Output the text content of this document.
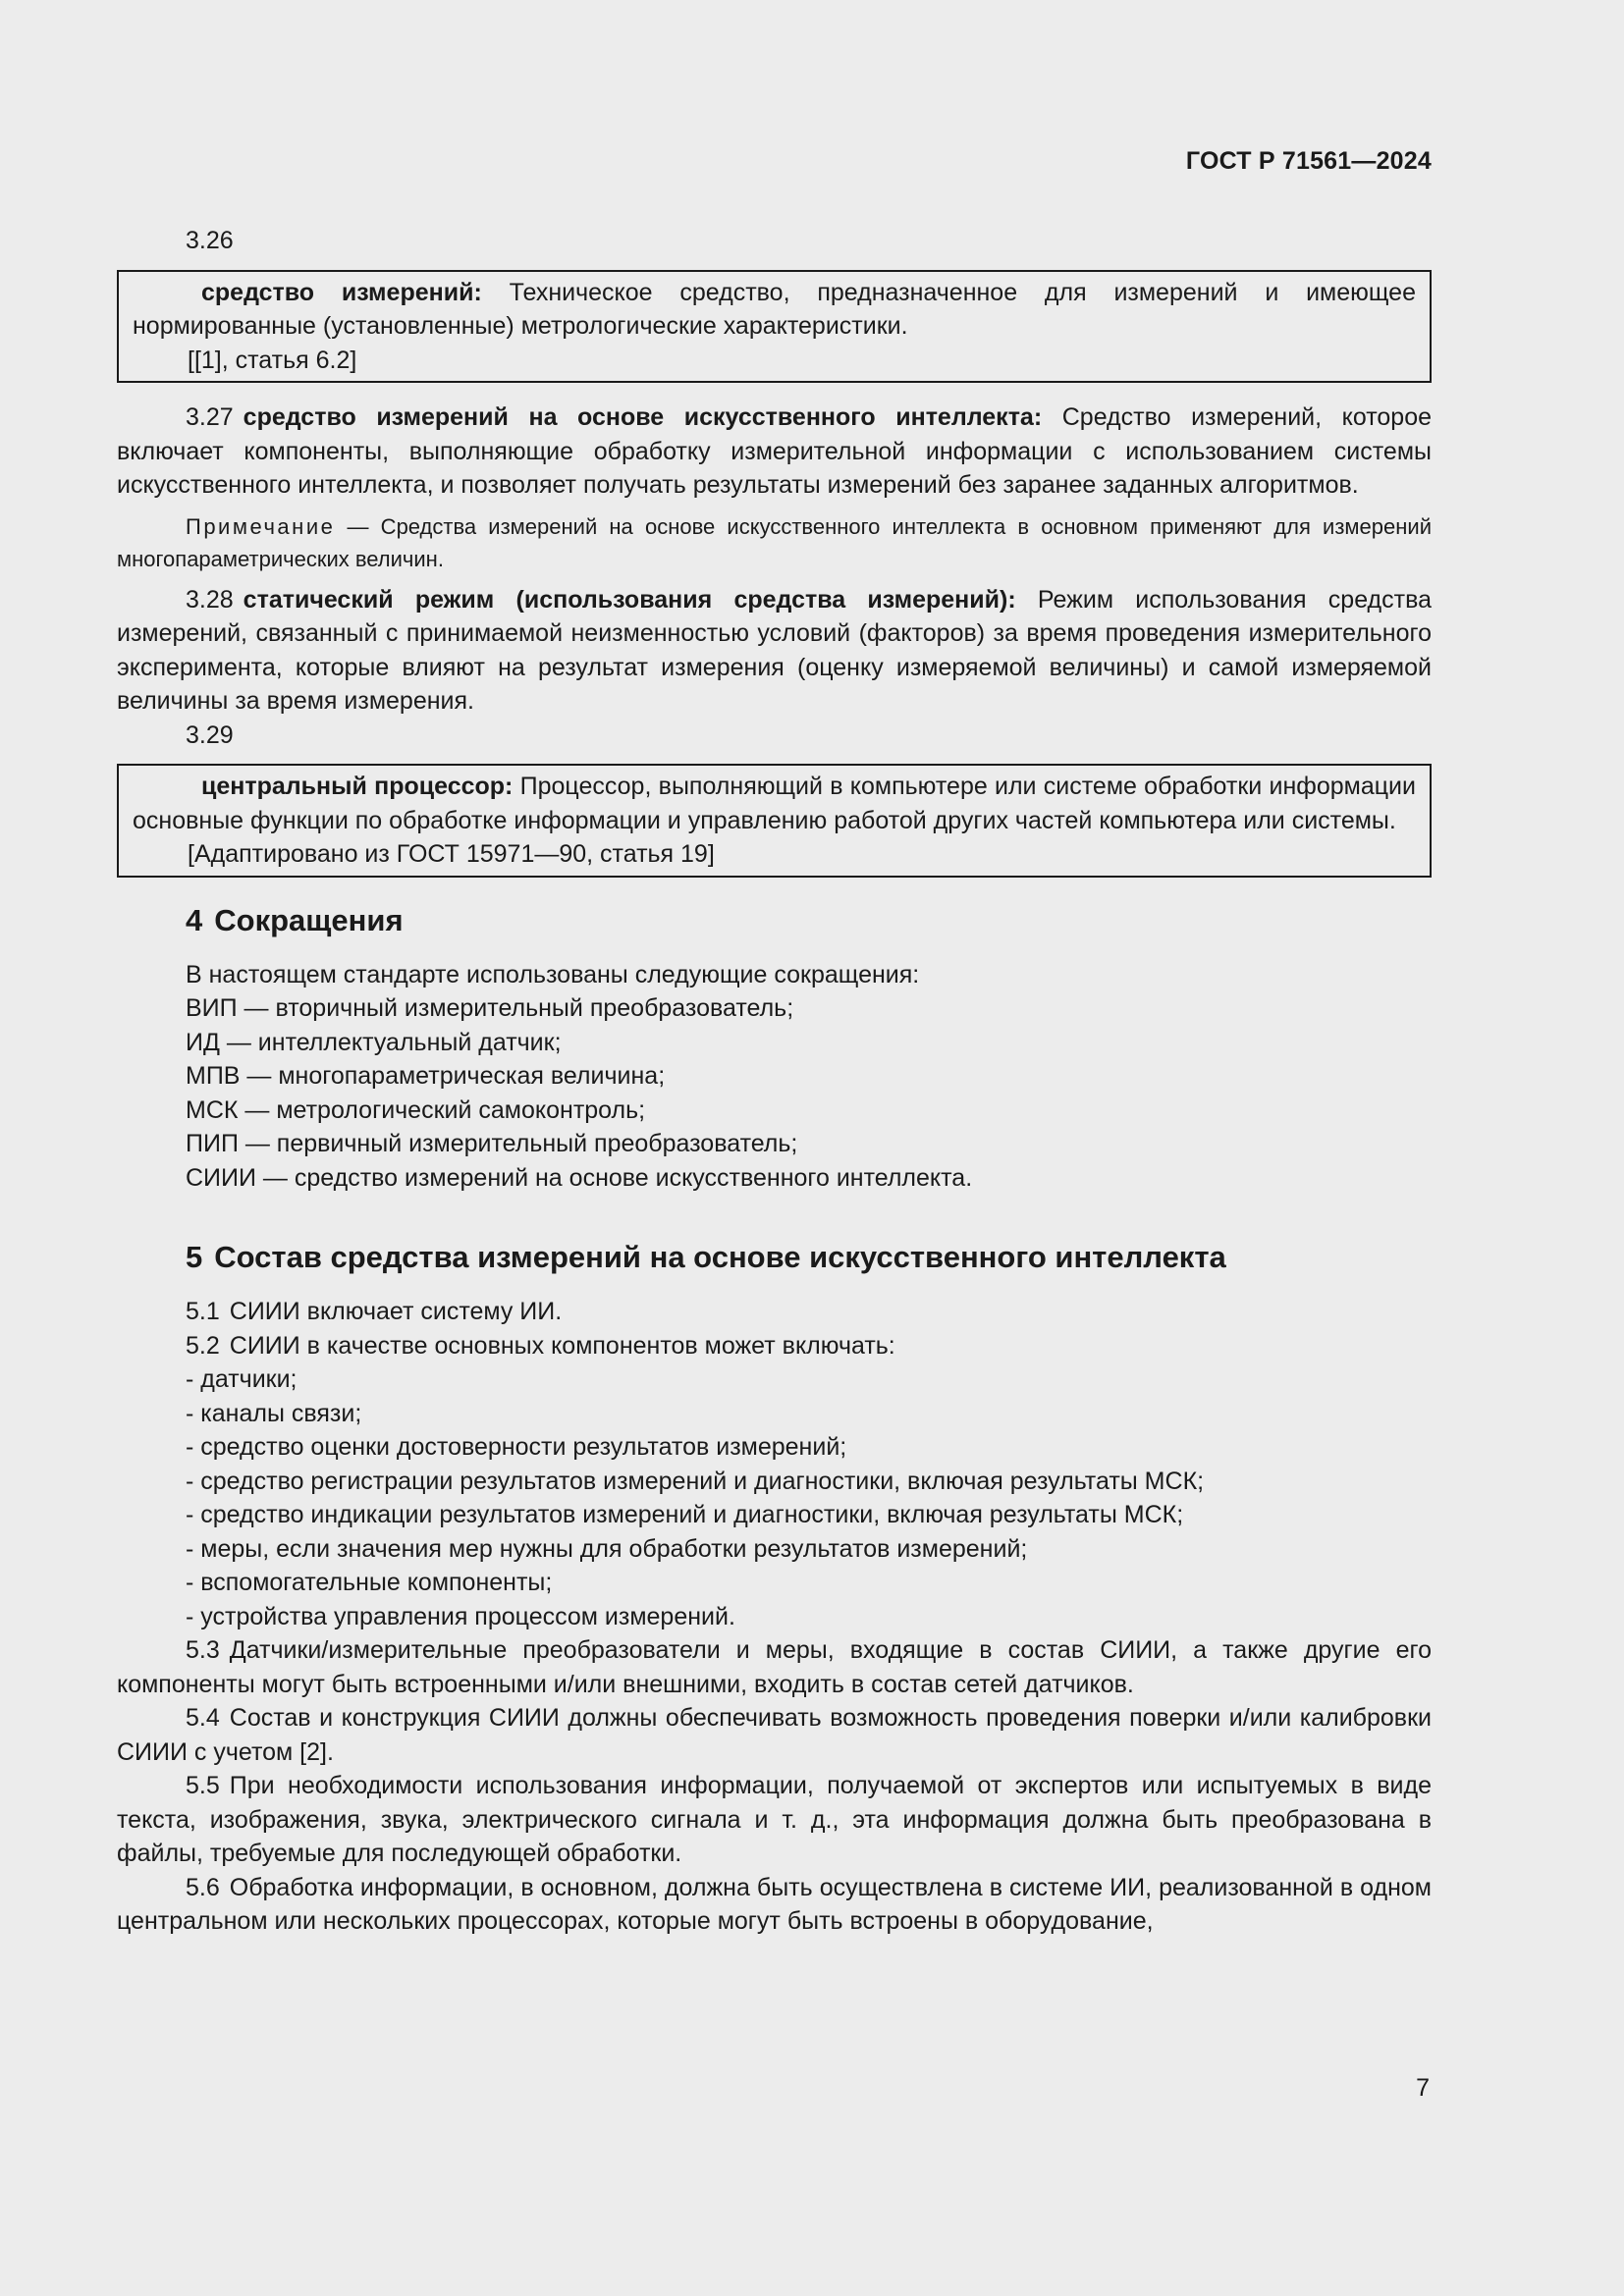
ГОСТ Р 71561—2024

3.26

средство измерений: Техническое средство, предназначенное для измерений и имеющее нормированные (установленные) метрологические характеристики.

[[1], статья 6.2]

3.27 средство измерений на основе искусственного интеллекта: Средство измерений, которое включает компоненты, выполняющие обработку измерительной информации с использованием системы искусственного интеллекта, и позволяет получать результаты измерений без заранее заданных алгоритмов.

Примечание — Средства измерений на основе искусственного интеллекта в основном применяют для измерений многопараметрических величин.

3.28 статический режим (использования средства измерений): Режим использования средства измерений, связанный с принимаемой неизменностью условий (факторов) за время проведения измерительного эксперимента, которые влияют на результат измерения (оценку измеряемой величины) и самой измеряемой величины за время измерения.

3.29

центральный процессор: Процессор, выполняющий в компьютере или системе обработки информации основные функции по обработке информации и управлению работой других частей компьютера или системы.

[Адаптировано из ГОСТ 15971—90, статья 19]

4 Сокращения

В настоящем стандарте использованы следующие сокращения:

ВИП — вторичный измерительный преобразователь;

ИД — интеллектуальный датчик;

МПВ — многопараметрическая величина;

МСК — метрологический самоконтроль;

ПИП — первичный измерительный преобразователь;

СИИИ — средство измерений на основе искусственного интеллекта.

5 Состав средства измерений на основе искусственного интеллекта

5.1 СИИИ включает систему ИИ.

5.2 СИИИ в качестве основных компонентов может включать:

- датчики;

- каналы связи;

- средство оценки достоверности результатов измерений;

- средство регистрации результатов измерений и диагностики, включая результаты МСК;

- средство индикации результатов измерений и диагностики, включая результаты МСК;

- меры, если значения мер нужны для обработки результатов измерений;

- вспомогательные компоненты;

- устройства управления процессом измерений.

5.3 Датчики/измерительные преобразователи и меры, входящие в состав СИИИ, а также другие его компоненты могут быть встроенными и/или внешними, входить в состав сетей датчиков.

5.4 Состав и конструкция СИИИ должны обеспечивать возможность проведения поверки и/или калибровки СИИИ с учетом [2].

5.5 При необходимости использования информации, получаемой от экспертов или испытуемых в виде текста, изображения, звука, электрического сигнала и т. д., эта информация должна быть преобразована в файлы, требуемые для последующей обработки.

5.6 Обработка информации, в основном, должна быть осуществлена в системе ИИ, реализованной в одном центральном или нескольких процессорах, которые могут быть встроены в оборудование,

7
